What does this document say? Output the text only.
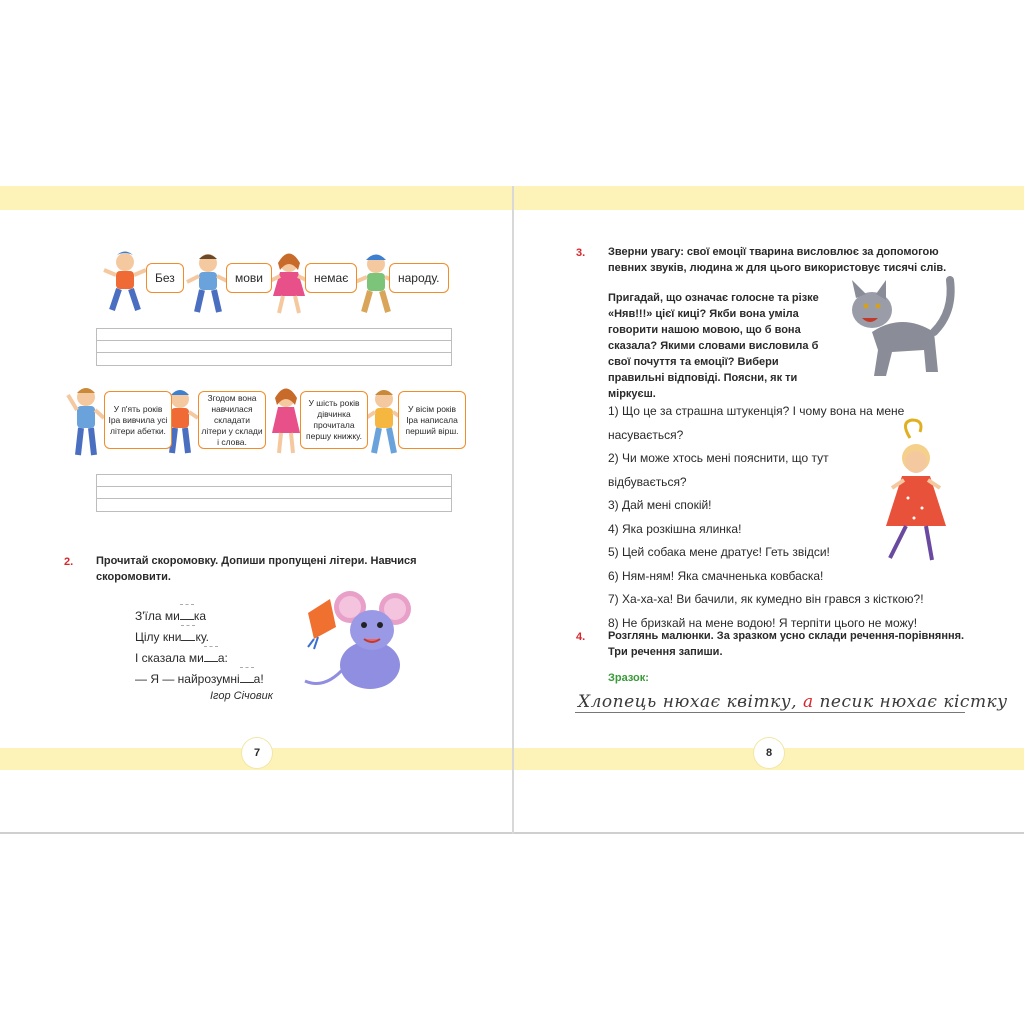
7
Без	мови	немає	народу.
У п'ять років Іра вивчила усі літери абетки.
Згодом вона навчилася складати літери у склади і слова.
У шість років дівчинка прочитала першу книжку.
У вісім років Іра написала перший вірш.
2. Прочитай скоромовку. Допиши пропущені літери. Навчися скоромовити.
З'їла ми ка
Цілу кни ку.
І сказала ми а:
— Я — найрозумні а!
Ігор Січовик
8
3. Зверни увагу: свої емоції тварина висловлює за допомогою певних звуків, людина ж для цього використовує тисячі слів.
Пригадай, що означає голосне та різке «Няв!!!» цієї киці? Якби вона уміла говорити нашою мовою, що б вона сказала? Якими словами висловила б свої почуття та емоції? Вибери правильні відповіді. Поясни, як ти міркуєш.
1) Що це за страшна штукенція? І чому вона на мене насувається?
2) Чи може хтось мені пояснити, що тут відбувається?
3) Дай мені спокій!
4) Яка розкішна ялинка!
5) Цей собака мене дратує! Геть звідси!
6) Ням-ням! Яка смачненька ковбаска!
7) Ха-ха-ха! Ви бачили, як кумедно він грався з кісткою?!
8) Не бризкай на мене водою! Я терпіти цього не можу!
4. Розглянь малюнки. За зразком усно склади речення-порівняння. Три речення запиши.
Зразок:
Хлопець нюхає квітку, а песик нюхає кістку
